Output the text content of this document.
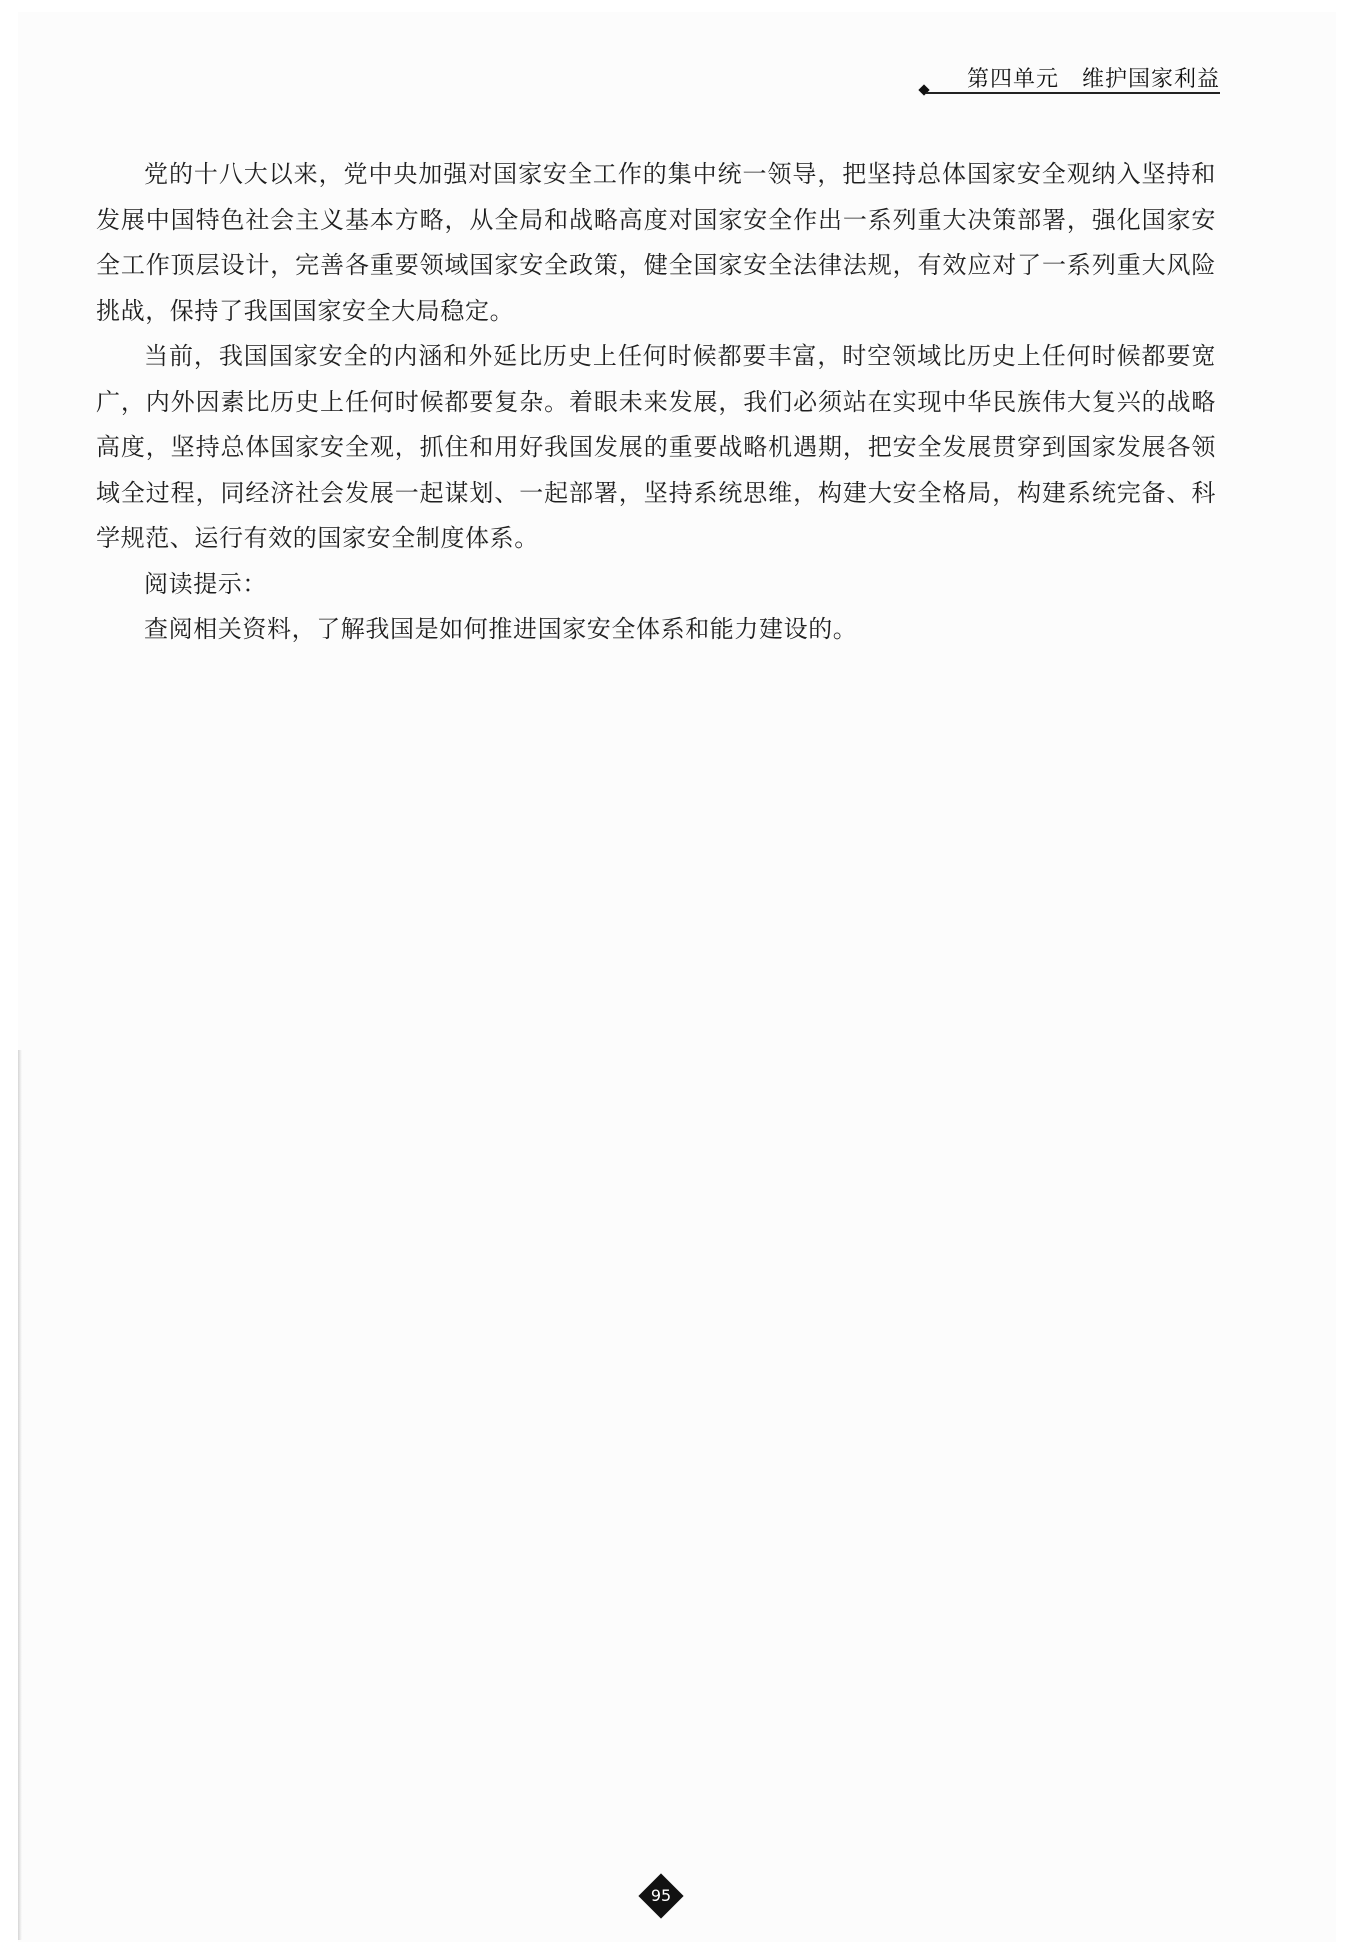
第四单元　维护国家利益

党的十八大以来，党中央加强对国家安全工作的集中统一领导，把坚持总体国家安全观纳入坚持和发展中国特色社会主义基本方略，从全局和战略高度对国家安全作出一系列重大决策部署，强化国家安全工作顶层设计，完善各重要领域国家安全政策，健全国家安全法律法规，有效应对了一系列重大风险挑战，保持了我国国家安全大局稳定。

当前，我国国家安全的内涵和外延比历史上任何时候都要丰富，时空领域比历史上任何时候都要宽广，内外因素比历史上任何时候都要复杂。着眼未来发展，我们必须站在实现中华民族伟大复兴的战略高度，坚持总体国家安全观，抓住和用好我国发展的重要战略机遇期，把安全发展贯穿到国家发展各领域全过程，同经济社会发展一起谋划、一起部署，坚持系统思维，构建大安全格局，构建系统完备、科学规范、运行有效的国家安全制度体系。

阅读提示：

查阅相关资料，了解我国是如何推进国家安全体系和能力建设的。

95
